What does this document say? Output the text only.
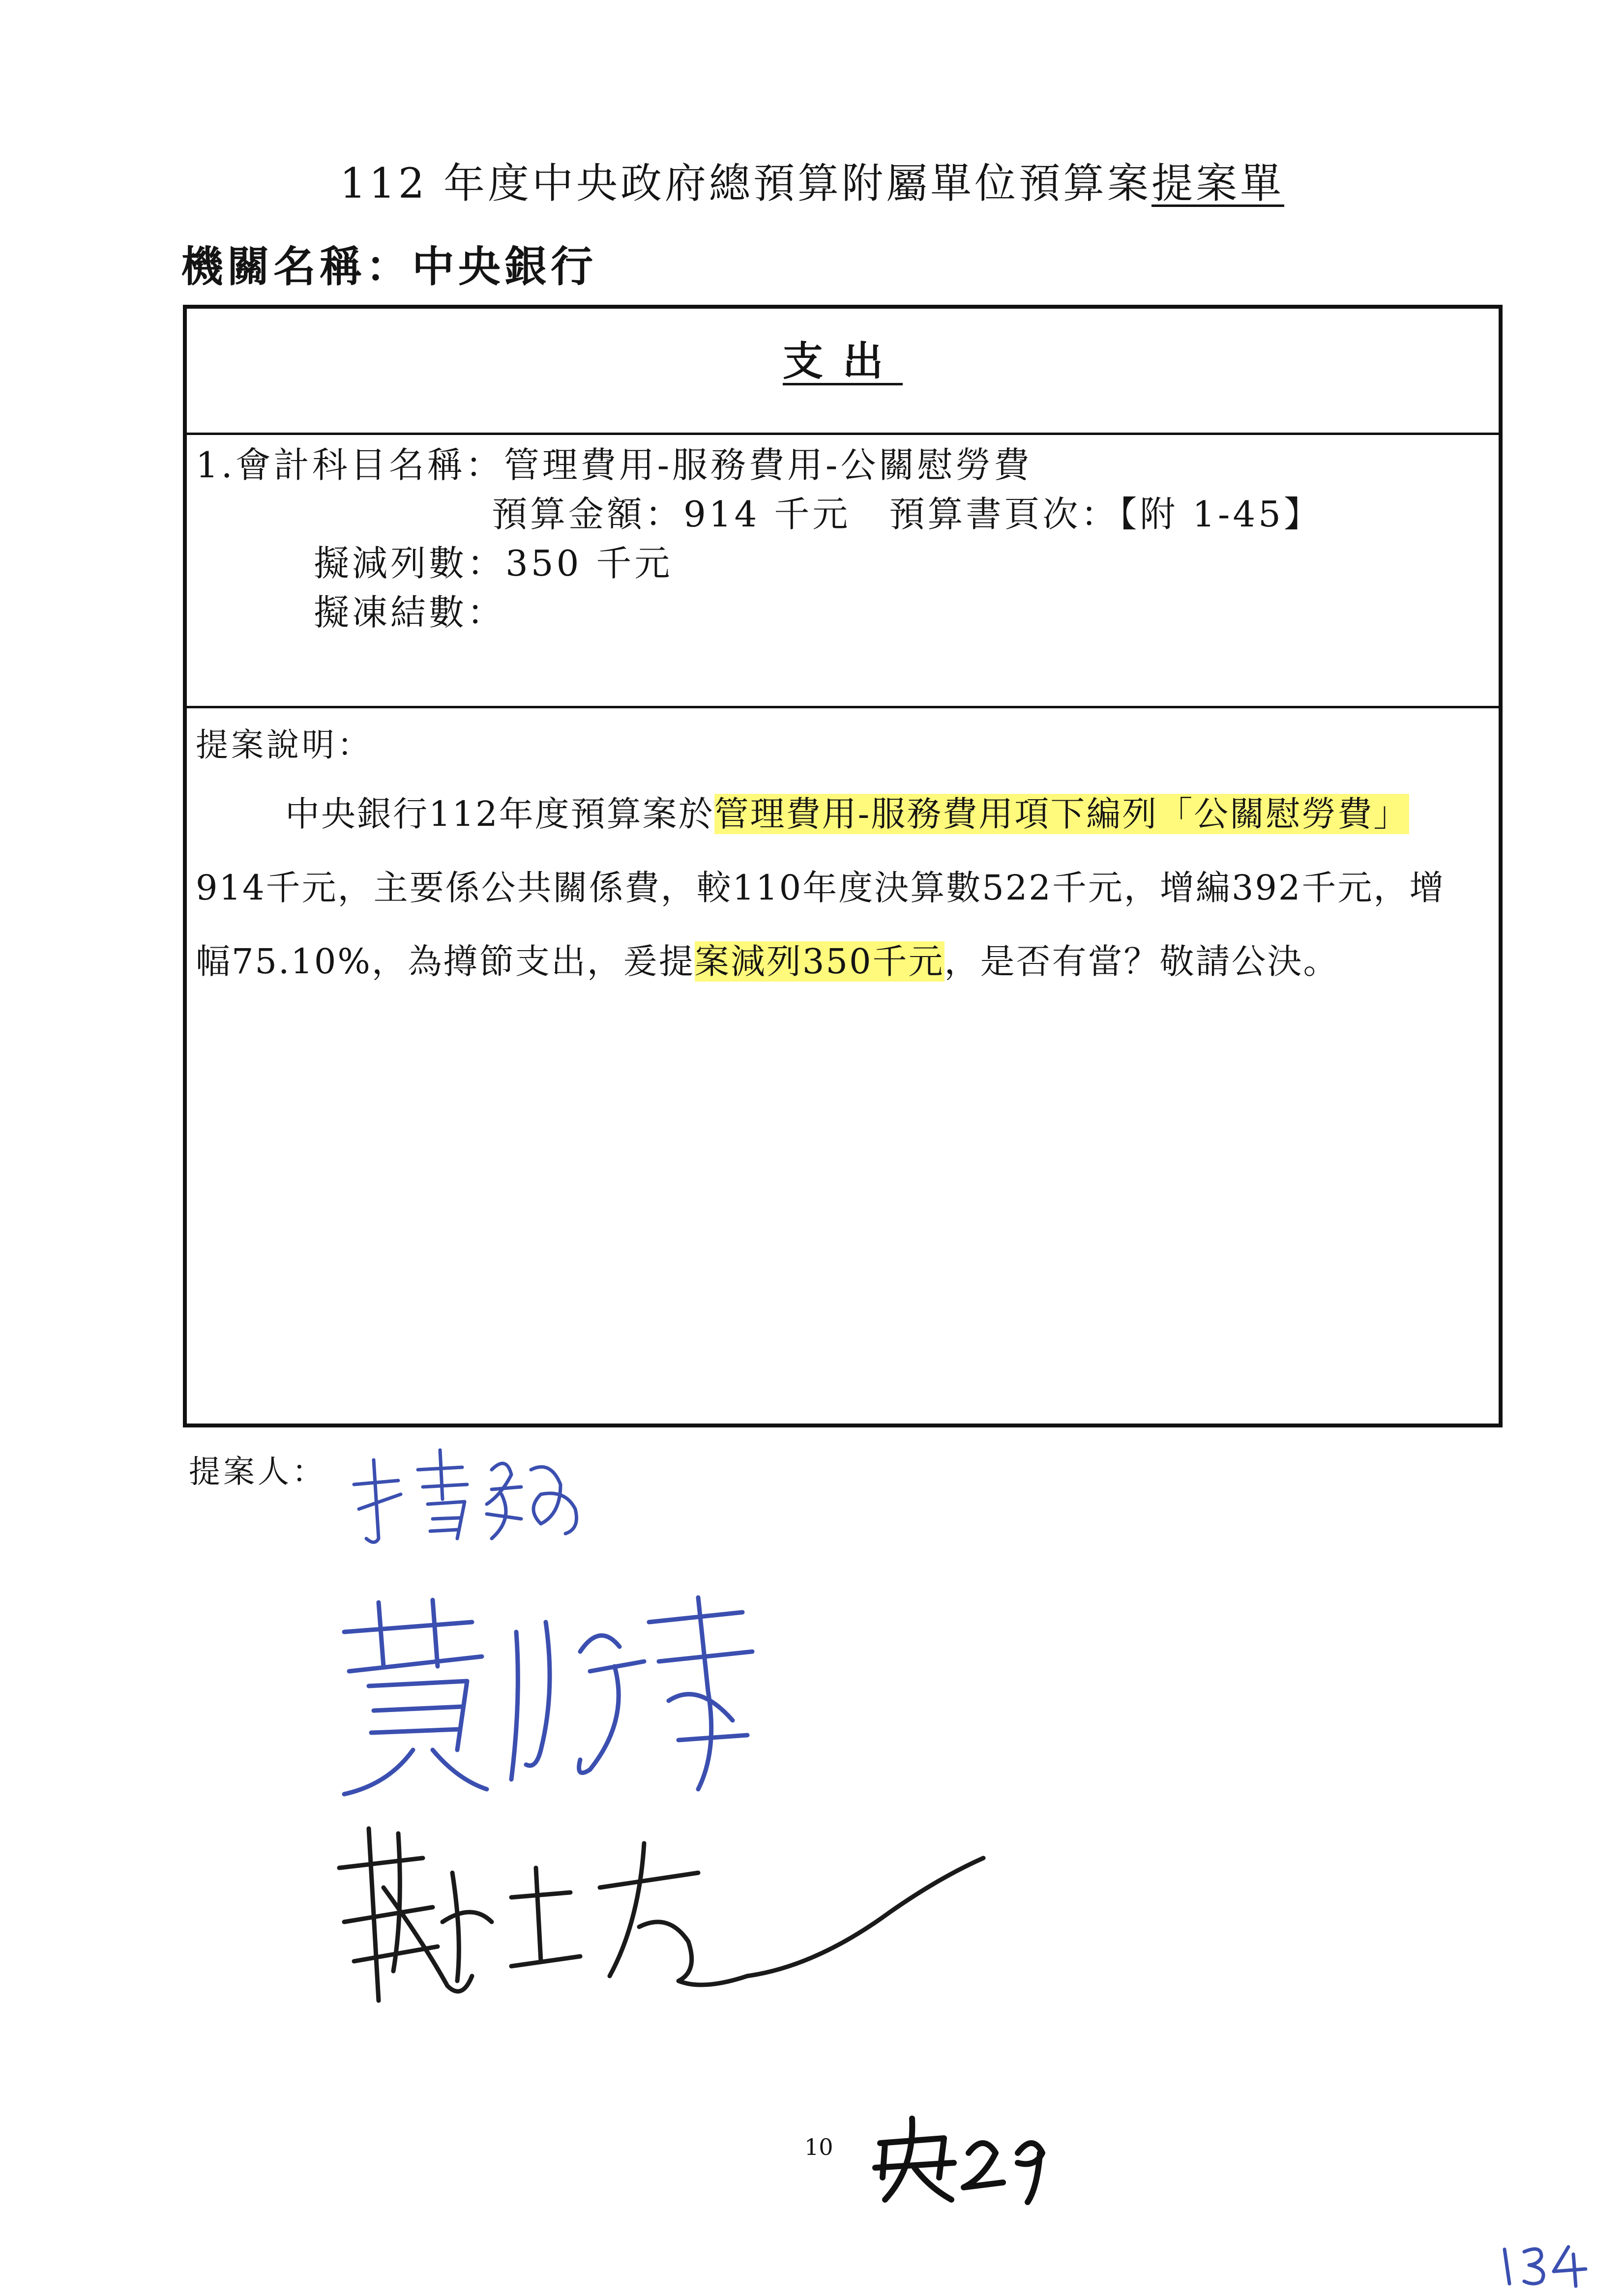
112 年度中央政府總預算附屬單位預算案提案單
機關名稱：中央銀行
支出
1.會計科目名稱：管理費用-服務費用-公關慰勞費
預算金額：914 千元　預算書頁次：【附 1-45】
擬減列數：350 千元
擬凍結數：
提案說明：
中央銀行112年度預算案於管理費用-服務費用項下編列「公關慰勞費」
914千元，主要係公共關係費，較110年度決算數522千元，增編392千元，增
幅75.10%，為撙節支出，爰提案減列350千元，是否有當？敬請公決。
提案人：
10
